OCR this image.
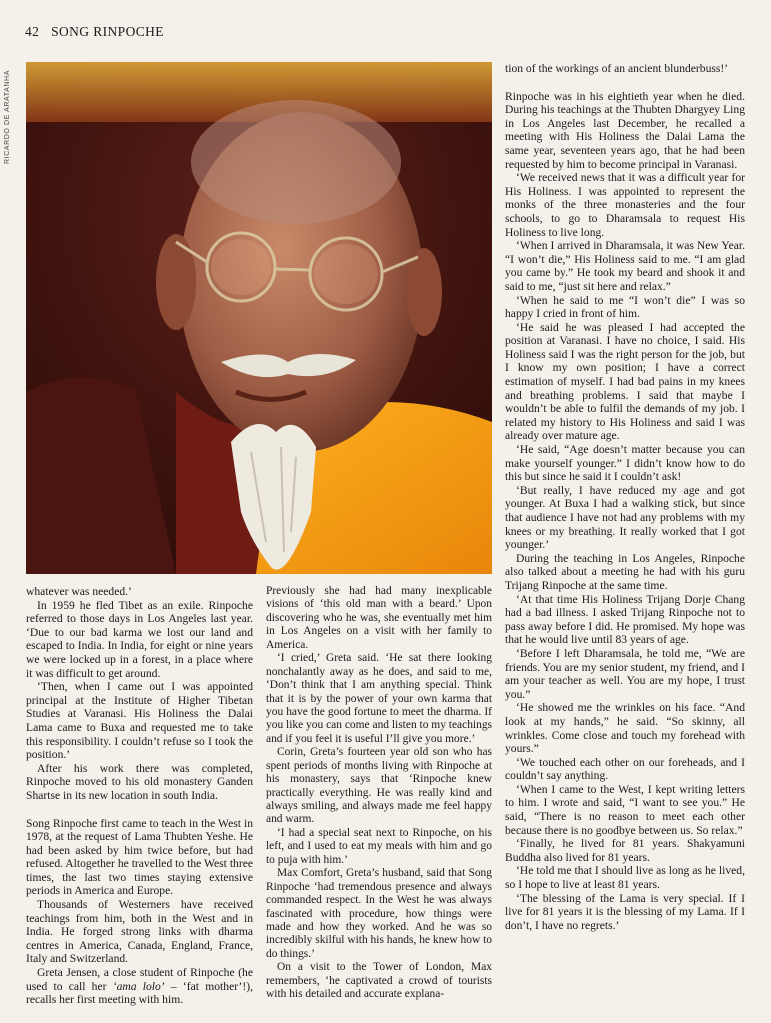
42 SONG RINPOCHE
RICARDO DE ARATANHA

whatever was needed.’

In 1959 he fled Tibet as an exile. Rinpoche referred to those days in Los Angeles last year. ‘Due to our bad karma we lost our land and escaped to India. In India, for eight or nine years we were locked up in a forest, in a place where it was difficult to get around.

‘Then, when I came out I was appointed principal at the Institute of Higher Tibetan Studies at Varanasi. His Holiness the Dalai Lama came to Buxa and requested me to take this responsibility. I couldn’t refuse so I took the position.’

After his work there was completed, Rinpoche moved to his old monastery Ganden Shartse in its new location in south India.

Song Rinpoche first came to teach in the West in 1978, at the request of Lama Thubten Yeshe. He had been asked by him twice before, but had refused. Altogether he travelled to the West three times, the last two times staying extensive periods in America and Europe.

Thousands of Westerners have received teachings from him, both in the West and in India. He forged strong links with dharma centres in America, Canada, England, France, Italy and Switzerland.

Greta Jensen, a close student of Rinpoche (he used to call her ‘ama lolo’ – ‘fat mother’!), recalls her first meeting with him.

Previously she had had many inexplicable visions of ‘this old man with a beard.’ Upon discovering who he was, she eventually met him in Los Angeles on a visit with her family to America.

‘I cried,’ Greta said. ‘He sat there looking nonchalantly away as he does, and said to me, ‘Don’t think that I am anything special. Think that it is by the power of your own karma that you have the good fortune to meet the dharma. If you like you can come and listen to my teachings and if you feel it is useful I’ll give you more.’

Corin, Greta’s fourteen year old son who has spent periods of months living with Rinpoche at his monastery, says that ‘Rinpoche knew practically everything. He was really kind and always smiling, and always made me feel happy and warm.

‘I had a special seat next to Rinpoche, on his left, and I used to eat my meals with him and go to puja with him.’

Max Comfort, Greta’s husband, said that Song Rinpoche ‘had tremendous presence and always commanded respect. In the West he was always fascinated with procedure, how things were made and how they worked. And he was so incredibly skilful with his hands, he knew how to do things.’

On a visit to the Tower of London, Max remembers, ‘he captivated a crowd of tourists with his detailed and accurate explana-

tion of the workings of an ancient blunderbuss!’

Rinpoche was in his eightieth year when he died. During his teachings at the Thubten Dhargyey Ling in Los Angeles last December, he recalled a meeting with His Holiness the Dalai Lama the same year, seventeen years ago, that he had been requested by him to become principal in Varanasi.

‘We received news that it was a difficult year for His Holiness. I was appointed to represent the monks of the three monasteries and the four schools, to go to Dharamsala to request His Holiness to live long.

‘When I arrived in Dharamsala, it was New Year. “I won’t die,” His Holiness said to me. “I am glad you came by.” He took my beard and shook it and said to me, “just sit here and relax.”

‘When he said to me “I won’t die” I was so happy I cried in front of him.

‘He said he was pleased I had accepted the position at Varanasi. I have no choice, I said. His Holiness said I was the right person for the job, but I know my own position; I have a correct estimation of myself. I had bad pains in my knees and breathing problems. I said that maybe I wouldn’t be able to fulfil the demands of my job. I related my history to His Holiness and said I was already over mature age.

‘He said, “Age doesn’t matter because you can make yourself younger.” I didn’t know how to do this but since he said it I couldn’t ask!

‘But really, I have reduced my age and got younger. At Buxa I had a walking stick, but since that audience I have not had any problems with my knees or my breathing. It really worked that I got younger.’

During the teaching in Los Angeles, Rinpoche also talked about a meeting he had with his guru Trijang Rinpoche at the same time.

‘At that time His Holiness Trijang Dorje Chang had a bad illness. I asked Trijang Rinpoche not to pass away before I did. He promised. My hope was that he would live until 83 years of age.

‘Before I left Dharamsala, he told me, “We are friends. You are my senior student, my friend, and I am your teacher as well. You are my hope, I trust you.”

‘He showed me the wrinkles on his face. “And look at my hands,” he said. “So skinny, all wrinkles. Come close and touch my forehead with yours.”

‘We touched each other on our foreheads, and I couldn’t say anything.

‘When I came to the West, I kept writing letters to him. I wrote and said, “I want to see you.” He said, “There is no reason to meet each other because there is no goodbye between us. So relax.”

‘Finally, he lived for 81 years. Shakyamuni Buddha also lived for 81 years.

‘He told me that I should live as long as he lived, so I hope to live at least 81 years.

‘The blessing of the Lama is very special. If I live for 81 years it is the blessing of my Lama. If I don’t, I have no regrets.’
